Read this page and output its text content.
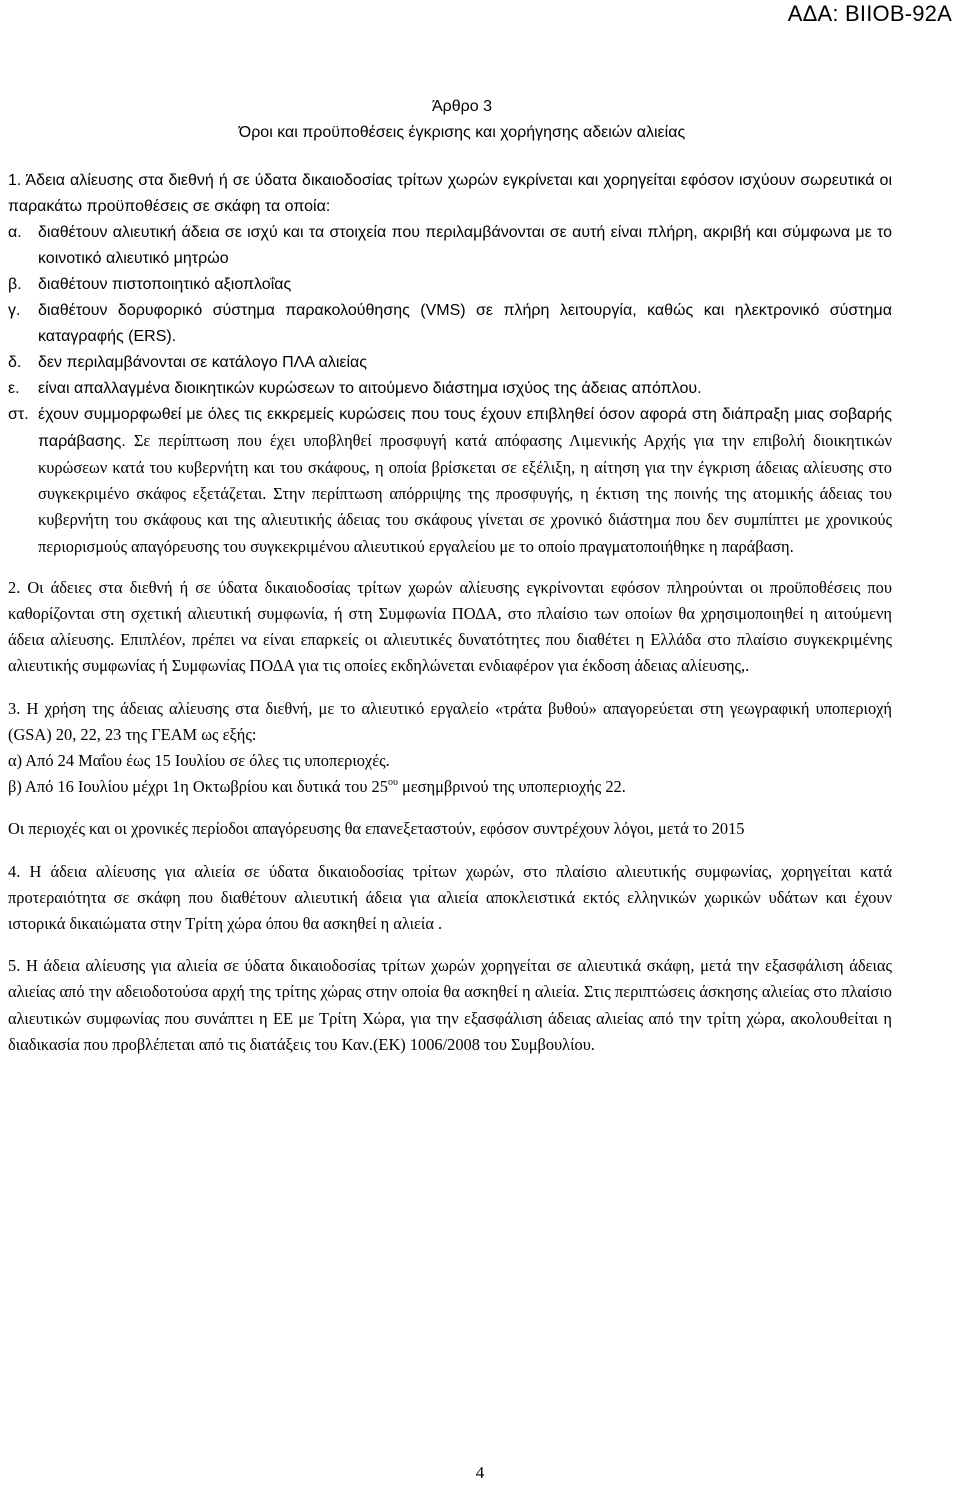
ΑΔΑ: ΒΙΙΟΒ-92Α
Άρθρο 3
Όροι και προϋποθέσεις έγκρισης και χορήγησης αδειών αλιείας

1. Άδεια αλίευσης στα διεθνή ή σε ύδατα δικαιοδοσίας τρίτων χωρών εγκρίνεται και χορηγείται εφόσον ισχύουν σωρευτικά οι παρακάτω προϋποθέσεις σε σκάφη τα οποία:

α. διαθέτουν αλιευτική άδεια σε ισχύ και τα στοιχεία που περιλαμβάνονται σε αυτή είναι πλήρη, ακριβή και σύμφωνα με το κοινοτικό αλιευτικό μητρώο
β. διαθέτουν πιστοποιητικό αξιοπλοΐας
γ. διαθέτουν δορυφορικό σύστημα παρακολούθησης (VMS) σε πλήρη λειτουργία, καθώς και ηλεκτρονικό σύστημα καταγραφής (ERS).
δ. δεν περιλαμβάνονται σε κατάλογο ΠΛΑ αλιείας
ε. είναι απαλλαγμένα διοικητικών κυρώσεων το αιτούμενο διάστημα ισχύος της άδειας απόπλου.
στ. έχουν συμμορφωθεί με όλες τις εκκρεμείς κυρώσεις που τους έχουν επιβληθεί όσον αφορά στη διάπραξη μιας σοβαρής παράβασης. Σε περίπτωση που έχει υποβληθεί προσφυγή κατά απόφασης Λιμενικής Αρχής για την επιβολή διοικητικών κυρώσεων κατά του κυβερνήτη και του σκάφους, η οποία βρίσκεται σε εξέλιξη, η αίτηση για την έγκριση άδειας αλίευσης στο συγκεκριμένο σκάφος εξετάζεται. Στην περίπτωση απόρριψης της προσφυγής, η έκτιση της ποινής της ατομικής άδειας του κυβερνήτη του σκάφους και της αλιευτικής άδειας του σκάφους γίνεται σε χρονικό διάστημα που δεν συμπίπτει με χρονικούς περιορισμούς απαγόρευσης του συγκεκριμένου αλιευτικού εργαλείου με το οποίο πραγματοποιήθηκε η παράβαση.

2. Οι άδειες στα διεθνή ή σε ύδατα δικαιοδοσίας τρίτων χωρών αλίευσης εγκρίνονται εφόσον πληρούνται οι προϋποθέσεις που καθορίζονται στη σχετική αλιευτική συμφωνία, ή στη Συμφωνία ΠΟΔΑ, στο πλαίσιο των οποίων θα χρησιμοποιηθεί η αιτούμενη άδεια αλίευσης. Επιπλέον, πρέπει να είναι επαρκείς οι αλιευτικές δυνατότητες που διαθέτει η Ελλάδα στο πλαίσιο συγκεκριμένης αλιευτικής συμφωνίας ή Συμφωνίας ΠΟΔΑ για τις οποίες εκδηλώνεται ενδιαφέρον για έκδοση άδειας αλίευσης,.

3. Η χρήση της άδειας αλίευσης στα διεθνή, με το αλιευτικό εργαλείο «τράτα βυθού» απαγορεύεται στη γεωγραφική υποπεριοχή (GSA) 20, 22, 23 της ΓΕΑΜ ως εξής:

α) Από 24 Μαΐου έως 15 Ιουλίου σε όλες τις υποπεριοχές.

β) Από 16 Ιουλίου μέχρι 1η Οκτωβρίου και δυτικά του $25^{o\upsilon}$ μεσημβρινού της υποπεριοχής 22.

Οι περιοχές και οι χρονικές περίοδοι απαγόρευσης θα επανεξεταστούν, εφόσον συντρέχουν λόγοι, μετά το 2015

4. Η άδεια αλίευσης για αλιεία σε ύδατα δικαιοδοσίας τρίτων χωρών, στο πλαίσιο αλιευτικής συμφωνίας, χορηγείται κατά προτεραιότητα σε σκάφη που διαθέτουν αλιευτική άδεια για αλιεία αποκλειστικά εκτός ελληνικών χωρικών υδάτων και έχουν ιστορικά δικαιώματα στην Τρίτη χώρα όπου θα ασκηθεί η αλιεία .

5. Η άδεια αλίευσης για αλιεία σε ύδατα δικαιοδοσίας τρίτων χωρών χορηγείται σε αλιευτικά σκάφη, μετά την εξασφάλιση άδειας αλιείας από την αδειοδοτούσα αρχή της τρίτης χώρας στην οποία θα ασκηθεί η αλιεία. Στις περιπτώσεις άσκησης αλιείας στο πλαίσιο αλιευτικών συμφωνίας που συνάπτει η ΕΕ με Τρίτη Χώρα, για την εξασφάλιση άδειας αλιείας από την τρίτη χώρα, ακολουθείται η διαδικασία που προβλέπεται από τις διατάξεις του Καν.(ΕΚ) 1006/2008 του Συμβουλίου.

4
